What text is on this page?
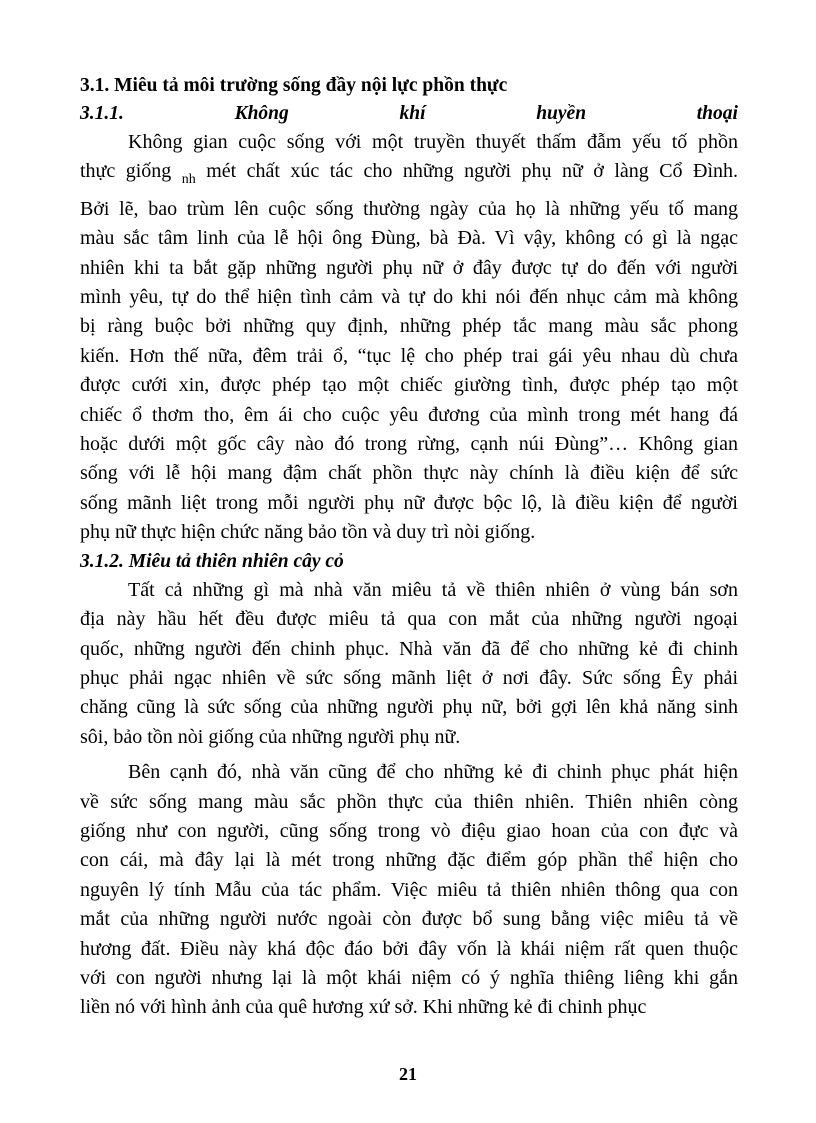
3.1. Miêu tả môi trường sống đầy nội lực phồn thực

3.1.1.	Không	khí	huyền	thoại

Không gian cuộc sống với một truyền thuyết thấm đẫm yếu tố phồn
thực giống $_{nh}$ mét chất xúc tác cho những người phụ nữ ở làng Cổ Đình.
Bởi lẽ, bao trùm lên cuộc sống thường ngày của họ là những yếu tố mang
màu sắc tâm linh của lễ hội ông Đùng, bà Đà. Vì vậy, không có gì là ngạc
nhiên khi ta bắt gặp những người phụ nữ ở đây được tự do đến với người
mình yêu, tự do thể hiện tình cảm và tự do khi nói đến nhục cảm mà không
bị ràng buộc bởi những quy định, những phép tắc mang màu sắc phong
kiến. Hơn thế nữa, đêm trải ổ, “tục lệ cho phép trai gái yêu nhau dù chưa
được cưới xin, được phép tạo một chiếc giường tình, được phép tạo một
chiếc ổ thơm tho, êm ái cho cuộc yêu đương của mình trong mét hang đá
hoặc dưới một gốc cây nào đó trong rừng, cạnh núi Đùng”… Không gian
sống với lễ hội mang đậm chất phồn thực này chính là điều kiện để sức
sống mãnh liệt trong mỗi người phụ nữ được bộc lộ, là điều kiện để người
phụ nữ thực hiện chức năng bảo tồn và duy trì nòi giống.

3.1.2. Miêu tả thiên nhiên cây cỏ

Tất cả những gì mà nhà văn miêu tả về thiên nhiên ở vùng bán sơn
địa này hầu hết đều được miêu tả qua con mắt của những người ngoại
quốc, những người đến chinh phục. Nhà văn đã để cho những kẻ đi chinh
phục phải ngạc nhiên về sức sống mãnh liệt ở nơi đây. Sức sống Êy phải
chăng cũng là sức sống của những người phụ nữ, bởi gợi lên khả năng sinh
sôi, bảo tồn nòi giống của những người phụ nữ.
Bên cạnh đó, nhà văn cũng để cho những kẻ đi chinh phục phát hiện
về sức sống mang màu sắc phồn thực của thiên nhiên. Thiên nhiên còng
giống như con người, cũng sống trong vò điệu giao hoan của con đực và
con cái, mà đây lại là mét trong những đặc điểm góp phần thể hiện cho
nguyên lý tính Mẫu của tác phẩm. Việc miêu tả thiên nhiên thông qua con
mắt của những người nước ngoài còn được bổ sung bằng việc miêu tả về
hương đất. Điều này khá độc đáo bởi đây vốn là khái niệm rất quen thuộc
với con người nhưng lại là một khái niệm có ý nghĩa thiêng liêng khi gắn
liền nó với hình ảnh của quê hương xứ sở. Khi những kẻ đi chinh phục
21
